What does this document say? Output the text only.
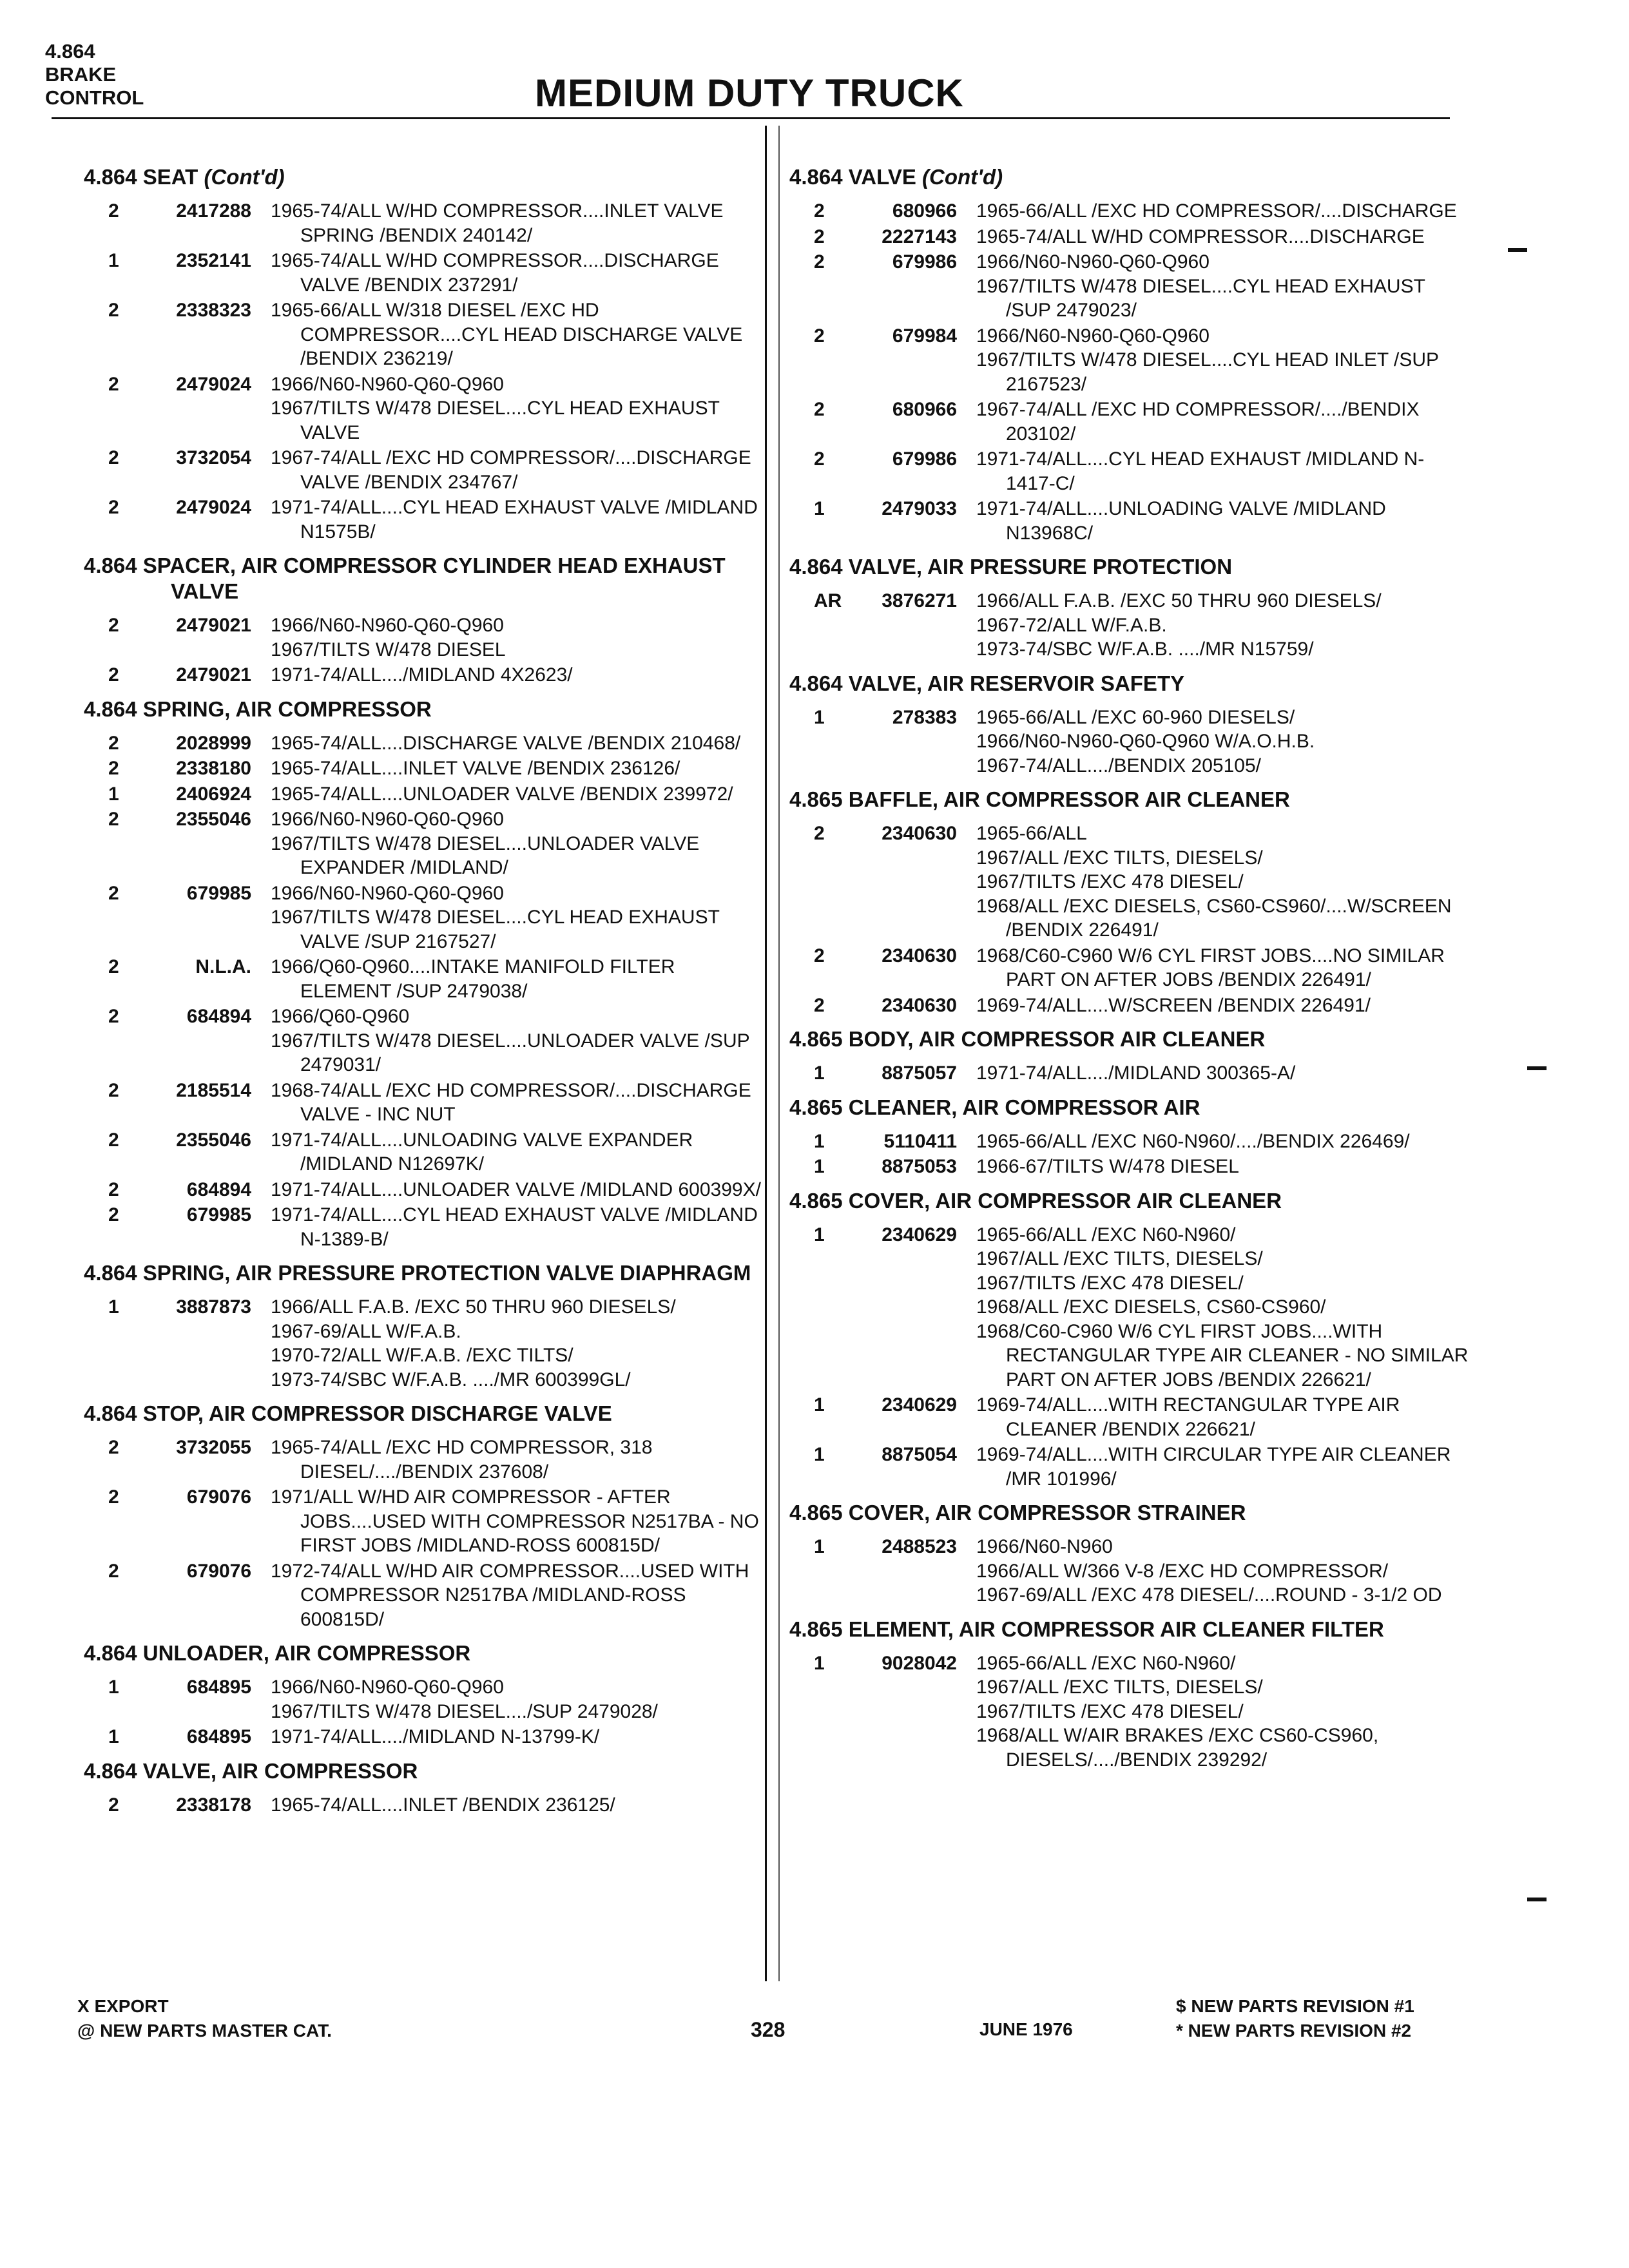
4.864
BRAKE
CONTROL	MEDIUM DUTY TRUCK
4.864 SEAT (Cont'd)
2	2417288 1965-74/ALL W/HD COMPRESSOR....INLET VALVE SPRING /BENDIX 240142/
1	2352141 1965-74/ALL W/HD COMPRESSOR....DISCHARGE VALVE /BENDIX 237291/
2	2338323 1965-66/ALL W/318 DIESEL /EXC HD COMPRESSOR....CYL HEAD DISCHARGE VALVE /BENDIX 236219/
2	2479024 1966/N60-N960-Q60-Q960
1967/TILTS W/478 DIESEL....CYL HEAD EXHAUST VALVE
2	3732054 1967-74/ALL /EXC HD COMPRESSOR/....DISCHARGE VALVE /BENDIX 234767/
2	2479024 1971-74/ALL....CYL HEAD EXHAUST VALVE /MIDLAND N1575B/
4.864 SPACER, AIR COMPRESSOR CYLINDER HEAD EXHAUST VALVE
2	2479021 1966/N60-N960-Q60-Q960
1967/TILTS W/478 DIESEL
2	2479021 1971-74/ALL..../MIDLAND 4X2623/
4.864 SPRING, AIR COMPRESSOR
2	2028999 1965-74/ALL....DISCHARGE VALVE /BENDIX 210468/
2	2338180 1965-74/ALL....INLET VALVE /BENDIX 236126/
1	2406924 1965-74/ALL....UNLOADER VALVE /BENDIX 239972/
2	2355046 1966/N60-N960-Q60-Q960
1967/TILTS W/478 DIESEL....UNLOADER VALVE EXPANDER /MIDLAND/
2	679985 1966/N60-N960-Q60-Q960
1967/TILTS W/478 DIESEL....CYL HEAD EXHAUST VALVE /SUP 2167527/
2	N.L.A. 1966/Q60-Q960....INTAKE MANIFOLD FILTER ELEMENT /SUP 2479038/
2	684894 1966/Q60-Q960
1967/TILTS W/478 DIESEL....UNLOADER VALVE /SUP 2479031/
2	2185514 1968-74/ALL /EXC HD COMPRESSOR/....DISCHARGE VALVE - INC NUT
2	2355046 1971-74/ALL....UNLOADING VALVE EXPANDER /MIDLAND N12697K/
2	684894 1971-74/ALL....UNLOADER VALVE /MIDLAND 600399X/
2	679985 1971-74/ALL....CYL HEAD EXHAUST VALVE /MIDLAND N-1389-B/
4.864 SPRING, AIR PRESSURE PROTECTION VALVE DIAPHRAGM
1	3887873 1966/ALL F.A.B. /EXC 50 THRU 960 DIESELS/
1967-69/ALL W/F.A.B.
1970-72/ALL W/F.A.B. /EXC TILTS/
1973-74/SBC W/F.A.B. ..../MR 600399GL/
4.864 STOP, AIR COMPRESSOR DISCHARGE VALVE
2	3732055 1965-74/ALL /EXC HD COMPRESSOR, 318 DIESEL/..../BENDIX 237608/
2	679076 1971/ALL W/HD AIR COMPRESSOR - AFTER JOBS....USED WITH COMPRESSOR N2517BA - NO FIRST JOBS /MIDLAND-ROSS 600815D/
2	679076 1972-74/ALL W/HD AIR COMPRESSOR....USED WITH COMPRESSOR N2517BA /MIDLAND-ROSS 600815D/
4.864 UNLOADER, AIR COMPRESSOR
1	684895 1966/N60-N960-Q60-Q960
1967/TILTS W/478 DIESEL..../SUP 2479028/
1	684895 1971-74/ALL..../MIDLAND N-13799-K/
4.864 VALVE, AIR COMPRESSOR
2	2338178 1965-74/ALL....INLET /BENDIX 236125/
4.864 VALVE (Cont'd)
2	680966 1965-66/ALL /EXC HD COMPRESSOR/....DISCHARGE
2	2227143 1965-74/ALL W/HD COMPRESSOR....DISCHARGE
2	679986 1966/N60-N960-Q60-Q960
1967/TILTS W/478 DIESEL....CYL HEAD EXHAUST /SUP 2479023/
2	679984 1966/N60-N960-Q60-Q960
1967/TILTS W/478 DIESEL....CYL HEAD INLET /SUP 2167523/
2	680966 1967-74/ALL /EXC HD COMPRESSOR/..../BENDIX 203102/
2	679986 1971-74/ALL....CYL HEAD EXHAUST /MIDLAND N-1417-C/
1	2479033 1971-74/ALL....UNLOADING VALVE /MIDLAND N13968C/
4.864 VALVE, AIR PRESSURE PROTECTION
AR	3876271 1966/ALL F.A.B. /EXC 50 THRU 960 DIESELS/
1967-72/ALL W/F.A.B.
1973-74/SBC W/F.A.B. ..../MR N15759/
4.864 VALVE, AIR RESERVOIR SAFETY
1	278383 1965-66/ALL /EXC 60-960 DIESELS/
1966/N60-N960-Q60-Q960 W/A.O.H.B.
1967-74/ALL..../BENDIX 205105/
4.865 BAFFLE, AIR COMPRESSOR AIR CLEANER
2	2340630 1965-66/ALL
1967/ALL /EXC TILTS, DIESELS/
1967/TILTS /EXC 478 DIESEL/
1968/ALL /EXC DIESELS, CS60-CS960/....W/SCREEN /BENDIX 226491/
2	2340630 1968/C60-C960 W/6 CYL FIRST JOBS....NO SIMILAR PART ON AFTER JOBS /BENDIX 226491/
2	2340630 1969-74/ALL....W/SCREEN /BENDIX 226491/
4.865 BODY, AIR COMPRESSOR AIR CLEANER
1	8875057 1971-74/ALL..../MIDLAND 300365-A/
4.865 CLEANER, AIR COMPRESSOR AIR
1	5110411 1965-66/ALL /EXC N60-N960/..../BENDIX 226469/
1	8875053 1966-67/TILTS W/478 DIESEL
4.865 COVER, AIR COMPRESSOR AIR CLEANER
1	2340629 1965-66/ALL /EXC N60-N960/
1967/ALL /EXC TILTS, DIESELS/
1967/TILTS /EXC 478 DIESEL/
1968/ALL /EXC DIESELS, CS60-CS960/
1968/C60-C960 W/6 CYL FIRST JOBS....WITH RECTANGULAR TYPE AIR CLEANER - NO SIMILAR PART ON AFTER JOBS /BENDIX 226621/
1	2340629 1969-74/ALL....WITH RECTANGULAR TYPE AIR CLEANER /BENDIX 226621/
1	8875054 1969-74/ALL....WITH CIRCULAR TYPE AIR CLEANER /MR 101996/
4.865 COVER, AIR COMPRESSOR STRAINER
1	2488523 1966/N60-N960
1966/ALL W/366 V-8 /EXC HD COMPRESSOR/
1967-69/ALL /EXC 478 DIESEL/....ROUND - 3-1/2 OD
4.865 ELEMENT, AIR COMPRESSOR AIR CLEANER FILTER
1	9028042 1965-66/ALL /EXC N60-N960/
1967/ALL /EXC TILTS, DIESELS/
1967/TILTS /EXC 478 DIESEL/
1968/ALL W/AIR BRAKES /EXC CS60-CS960, DIESELS/..../BENDIX 239292/
X EXPORT
@ NEW PARTS MASTER CAT.	328	JUNE 1976
$ NEW PARTS REVISION #1
* NEW PARTS REVISION #2
